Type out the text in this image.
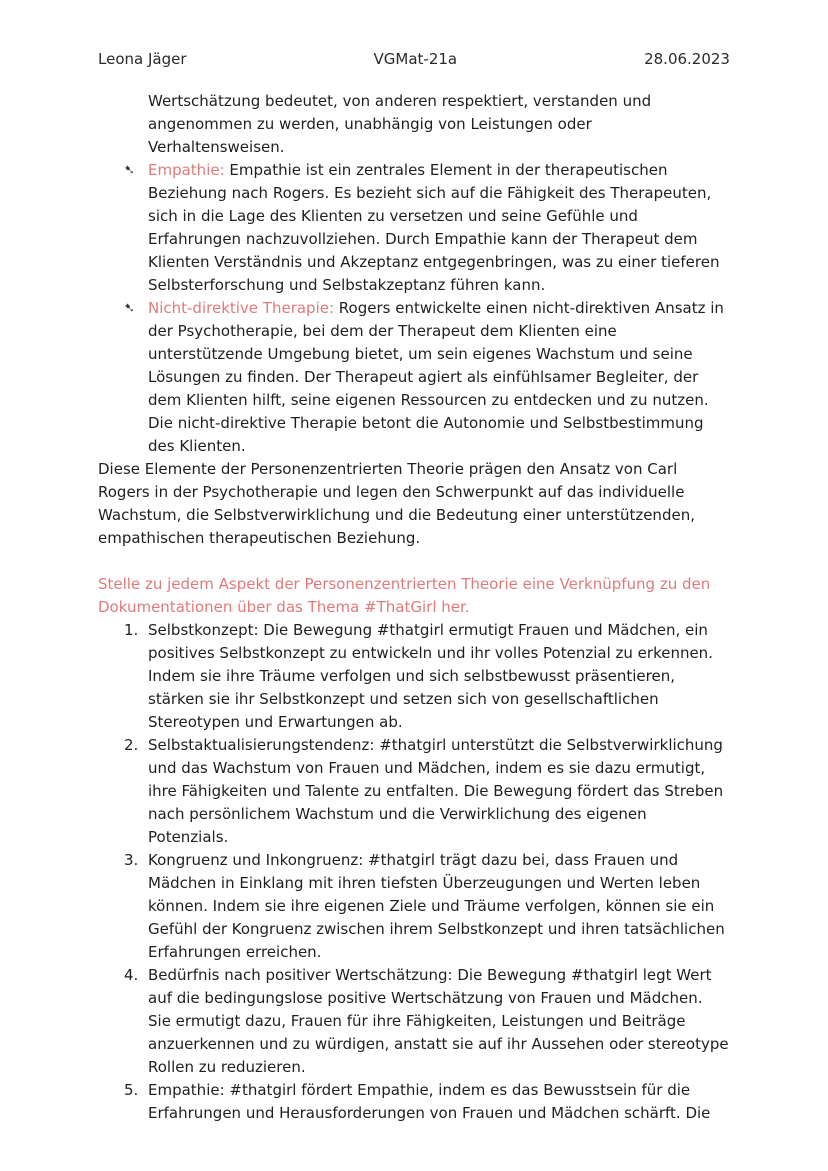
Leona Jäger	VGMat-21a	28.06.2023

Wertschätzung bedeutet, von anderen respektiert, verstanden und angenommen zu werden, unabhängig von Leistungen oder Verhaltensweisen.

➷ Empathie: Empathie ist ein zentrales Element in der therapeutischen Beziehung nach Rogers. Es bezieht sich auf die Fähigkeit des Therapeuten, sich in die Lage des Klienten zu versetzen und seine Gefühle und Erfahrungen nachzuvollziehen. Durch Empathie kann der Therapeut dem Klienten Verständnis und Akzeptanz entgegenbringen, was zu einer tieferen Selbsterforschung und Selbstakzeptanz führen kann.
➷ Nicht-direktive Therapie: Rogers entwickelte einen nicht-direktiven Ansatz in der Psychotherapie, bei dem der Therapeut dem Klienten eine unterstützende Umgebung bietet, um sein eigenes Wachstum und seine Lösungen zu finden. Der Therapeut agiert als einfühlsamer Begleiter, der dem Klienten hilft, seine eigenen Ressourcen zu entdecken und zu nutzen. Die nicht-direktive Therapie betont die Autonomie und Selbstbestimmung des Klienten.

Diese Elemente der Personenzentrierten Theorie prägen den Ansatz von Carl Rogers in der Psychotherapie und legen den Schwerpunkt auf das individuelle Wachstum, die Selbstverwirklichung und die Bedeutung einer unterstützenden, empathischen therapeutischen Beziehung.

Stelle zu jedem Aspekt der Personenzentrierten Theorie eine Verknüpfung zu den Dokumentationen über das Thema #ThatGirl her.

1. Selbstkonzept: Die Bewegung #thatgirl ermutigt Frauen und Mädchen, ein positives Selbstkonzept zu entwickeln und ihr volles Potenzial zu erkennen. Indem sie ihre Träume verfolgen und sich selbstbewusst präsentieren, stärken sie ihr Selbstkonzept und setzen sich von gesellschaftlichen Stereotypen und Erwartungen ab.
2. Selbstaktualisierungstendenz: #thatgirl unterstützt die Selbstverwirklichung und das Wachstum von Frauen und Mädchen, indem es sie dazu ermutigt, ihre Fähigkeiten und Talente zu entfalten. Die Bewegung fördert das Streben nach persönlichem Wachstum und die Verwirklichung des eigenen Potenzials.
3. Kongruenz und Inkongruenz: #thatgirl trägt dazu bei, dass Frauen und Mädchen in Einklang mit ihren tiefsten Überzeugungen und Werten leben können. Indem sie ihre eigenen Ziele und Träume verfolgen, können sie ein Gefühl der Kongruenz zwischen ihrem Selbstkonzept und ihren tatsächlichen Erfahrungen erreichen.
4. Bedürfnis nach positiver Wertschätzung: Die Bewegung #thatgirl legt Wert auf die bedingungslose positive Wertschätzung von Frauen und Mädchen. Sie ermutigt dazu, Frauen für ihre Fähigkeiten, Leistungen und Beiträge anzuerkennen und zu würdigen, anstatt sie auf ihr Aussehen oder stereotype Rollen zu reduzieren.
5. Empathie: #thatgirl fördert Empathie, indem es das Bewusstsein für die Erfahrungen und Herausforderungen von Frauen und Mädchen schärft. Die
